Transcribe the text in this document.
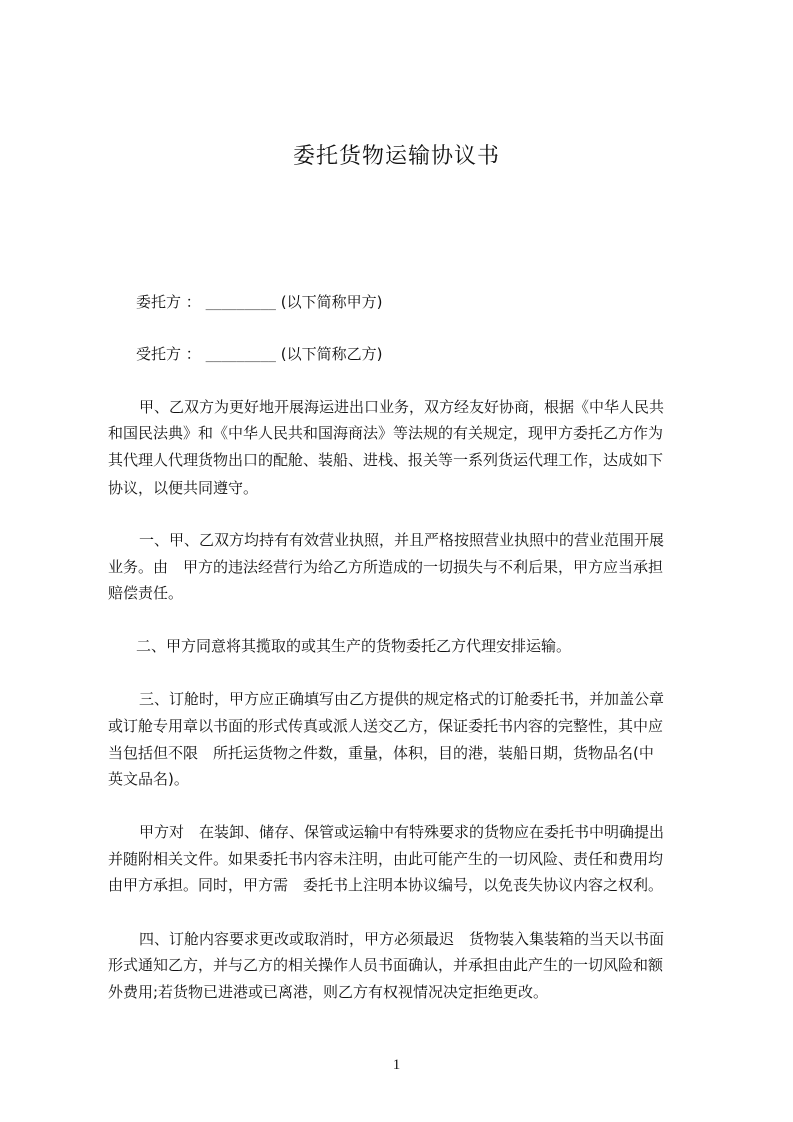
委托货物运输协议书
委托方 ： _________ (以下简称甲方)
受托方 ： _________ (以下简称乙方)
甲、乙双方为更好地开展海运进出口业务，双方经友好协商，根据《中华人民共
和国民法典》和《中华人民共和国海商法》等法规的有关规定，现甲方委托乙方作为
其代理人代理货物出口的配舱、装船、进栈、报关等一系列货运代理工作，达成如下
协议，以便共同遵守。
一、甲、乙双方均持有有效营业执照，并且严格按照营业执照中的营业范围开展
业务。由　甲方的违法经营行为给乙方所造成的一切损失与不利后果，甲方应当承担
赔偿责任。
二、甲方同意将其揽取的或其生产的货物委托乙方代理安排运输。
三、订舱时，甲方应正确填写由乙方提供的规定格式的订舱委托书，并加盖公章
或订舱专用章以书面的形式传真或派人送交乙方，保证委托书内容的完整性，其中应
当包括但不限　所托运货物之件数，重量，体积，目的港，装船日期，货物品名(中
英文品名)。
甲方对　在装卸、储存、保管或运输中有特殊要求的货物应在委托书中明确提出
并随附相关文件。如果委托书内容未注明，由此可能产生的一切风险、责任和费用均
由甲方承担。同时，甲方需　委托书上注明本协议编号，以免丧失协议内容之权利。
四、订舱内容要求更改或取消时，甲方必须最迟　货物装入集装箱的当天以书面
形式通知乙方，并与乙方的相关操作人员书面确认，并承担由此产生的一切风险和额
外费用;若货物已进港或已离港，则乙方有权视情况决定拒绝更改。
1
